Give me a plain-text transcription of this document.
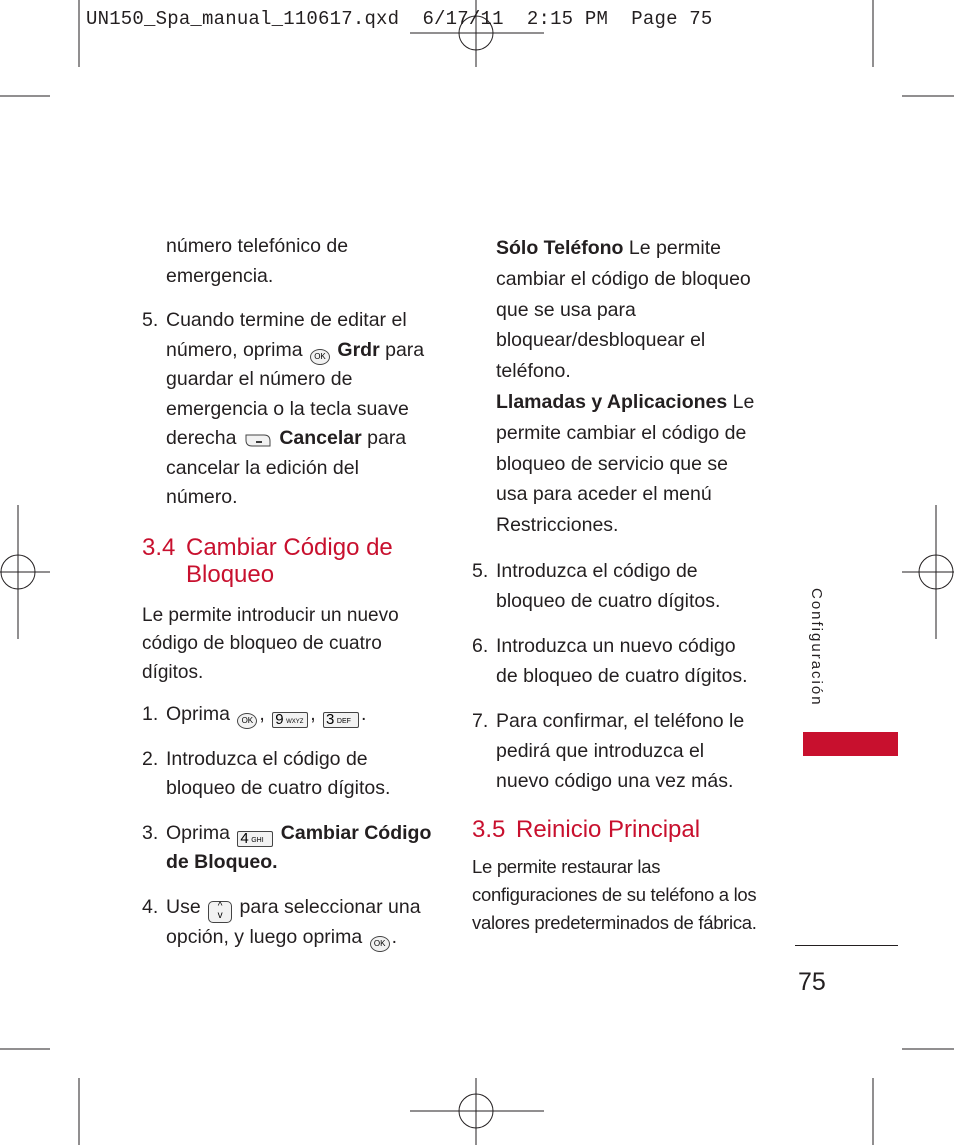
UN150_Spa_manual_110617.qxd  6/17/11  2:15 PM  Page 75
número telefónico de
emergencia.
5. Cuando termine de editar el
número, oprima OK Grdr para
guardar el número de
emergencia o la tecla suave
derecha Cancelar para
cancelar la edición del
número.
3.4 Cambiar Código de
Bloqueo
Le permite introducir un nuevo
código de bloqueo de cuatro
dígitos.
1. Oprima OK , 9 WXYZ , 3 DEF .
2. Introduzca el código de
bloqueo de cuatro dígitos.
3. Oprima 4 GHI Cambiar Código
de Bloqueo.
4. Use ^
v para seleccionar una
opción, y luego oprima OK .
Sólo Teléfono Le permite
cambiar el código de bloqueo
que se usa para
bloquear/desbloquear el
teléfono.
Llamadas y Aplicaciones Le
permite cambiar el código de
bloqueo de servicio que se
usa para aceder el menú
Restricciones.
5. Introduzca el código de
bloqueo de cuatro dígitos.
6. Introduzca un nuevo código
de bloqueo de cuatro dígitos.
7. Para confirmar, el teléfono le
pedirá que introduzca el
nuevo código una vez más.
3.5 Reinicio Principal
Le permite restaurar las
configuraciones de su teléfono a los
valores predeterminados de fábrica.
Configuración
75
